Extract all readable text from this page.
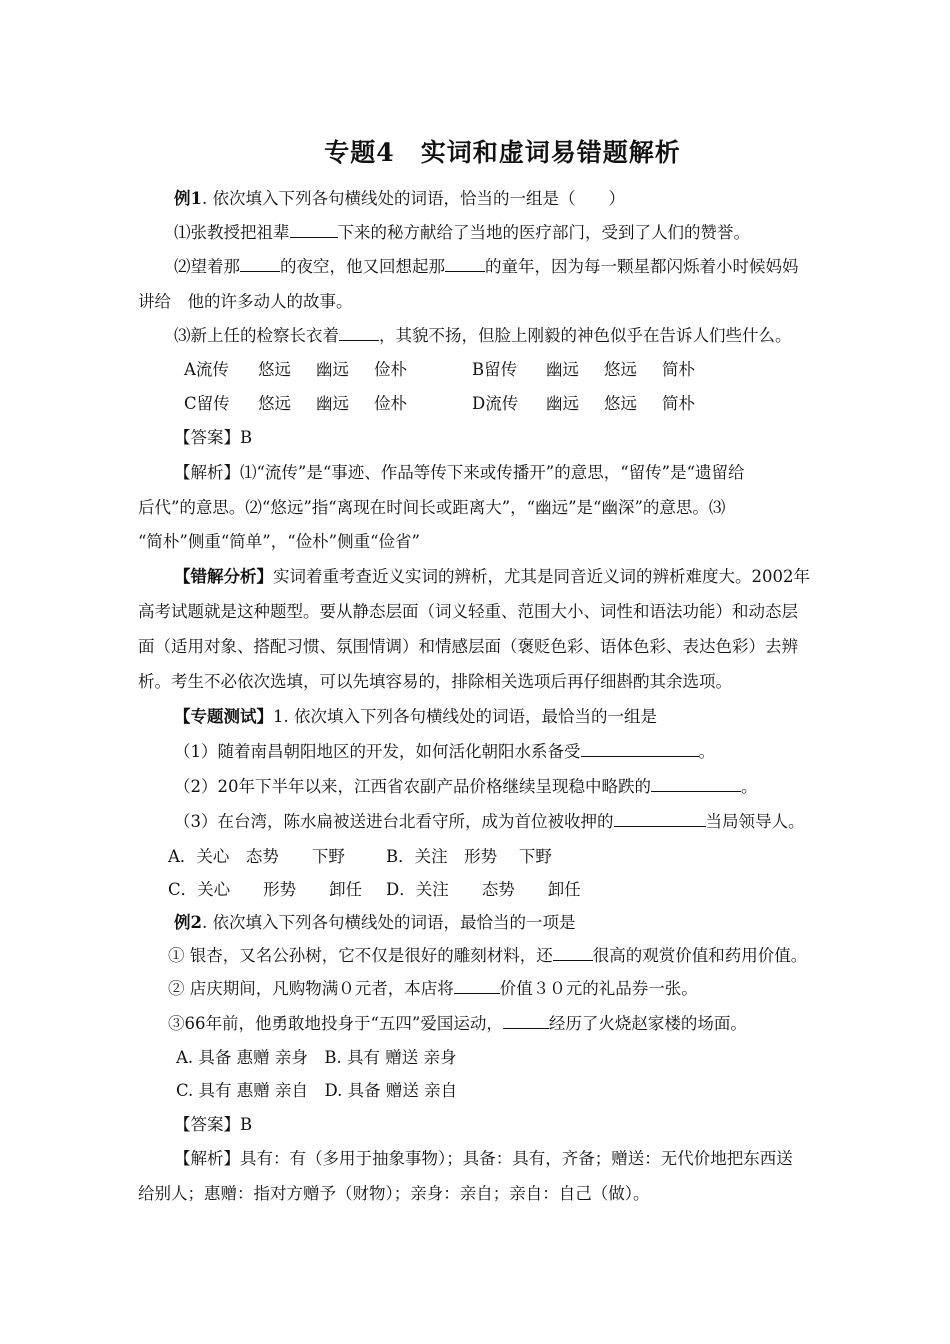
专题4　实词和虚词易错题解析
例1. 依次填入下列各句横线处的词语，恰当的一组是（　　）
⑴张教授把祖辈	下来的秘方献给了当地的医疗部门，受到了人们的赞誉。
⑵望着那 的夜空，他又回想起那 的童年，因为每一颗星都闪烁着小时候妈妈
讲给　他的许多动人的故事。
⑶新上任的检察长衣着 ，其貌不扬，但脸上刚毅的神色似乎在告诉人们些什么。
A流传 悠远 幽远 俭朴	B留传 幽远 悠远 简朴
C留传 悠远 幽远 俭朴	D流传 幽远 悠远 简朴
【答案】B
【解析】⑴“流传”是“事迹、作品等传下来或传播开”的意思，“留传”是“遗留给
后代”的意思。⑵“悠远”指“离现在时间长或距离大”，“幽远”是“幽深”的意思。⑶
“简朴”侧重“简单”，“俭朴”侧重“俭省”
【错解分析】实词着重考查近义实词的辨析，尤其是同音近义词的辨析难度大。2002年
高考试题就是这种题型。要从静态层面（词义轻重、范围大小、词性和语法功能）和动态层
面（适用对象、搭配习惯、氛围情调）和情感层面（褒贬色彩、语体色彩、表达色彩）去辨
析。考生不必依次选填，可以先填容易的，排除相关选项后再仔细斟酌其余选项。
【专题测试】1. 依次填入下列各句横线处的词语，最恰当的一组是
（1）随着南昌朝阳地区的开发，如何活化朝阳水系备受	。
（2）20年下半年以来，江西省农副产品价格继续呈现稳中略跌的	。
（3）在台湾，陈水扁被送进台北看守所，成为首位被收押的	当局领导人。
A．关心　态势　　下野 B．关注　形势　 下野
C．关心　　形势　　卸任 D．关注　　态势　　卸任
例2. 依次填入下列各句横线处的词语，最恰当的一项是
① 银杏，又名公孙树，它不仅是很好的雕刻材料，还 很高的观赏价值和药用价值。
② 店庆期间，凡购物满０元者，本店将	价值３０元的礼品券一张。
③66年前，他勇敢地投身于“五四”爱国运动，	经历了火烧赵家楼的场面。
A. 具备 惠赠 亲身　B. 具有 赠送 亲身
C. 具有 惠赠 亲自　D. 具备 赠送 亲自
【答案】B
【解析】具有：有（多用于抽象事物）；具备：具有，齐备；赠送：无代价地把东西送
给别人；惠赠：指对方赠予（财物）；亲身：亲自；亲自：自己（做）。
